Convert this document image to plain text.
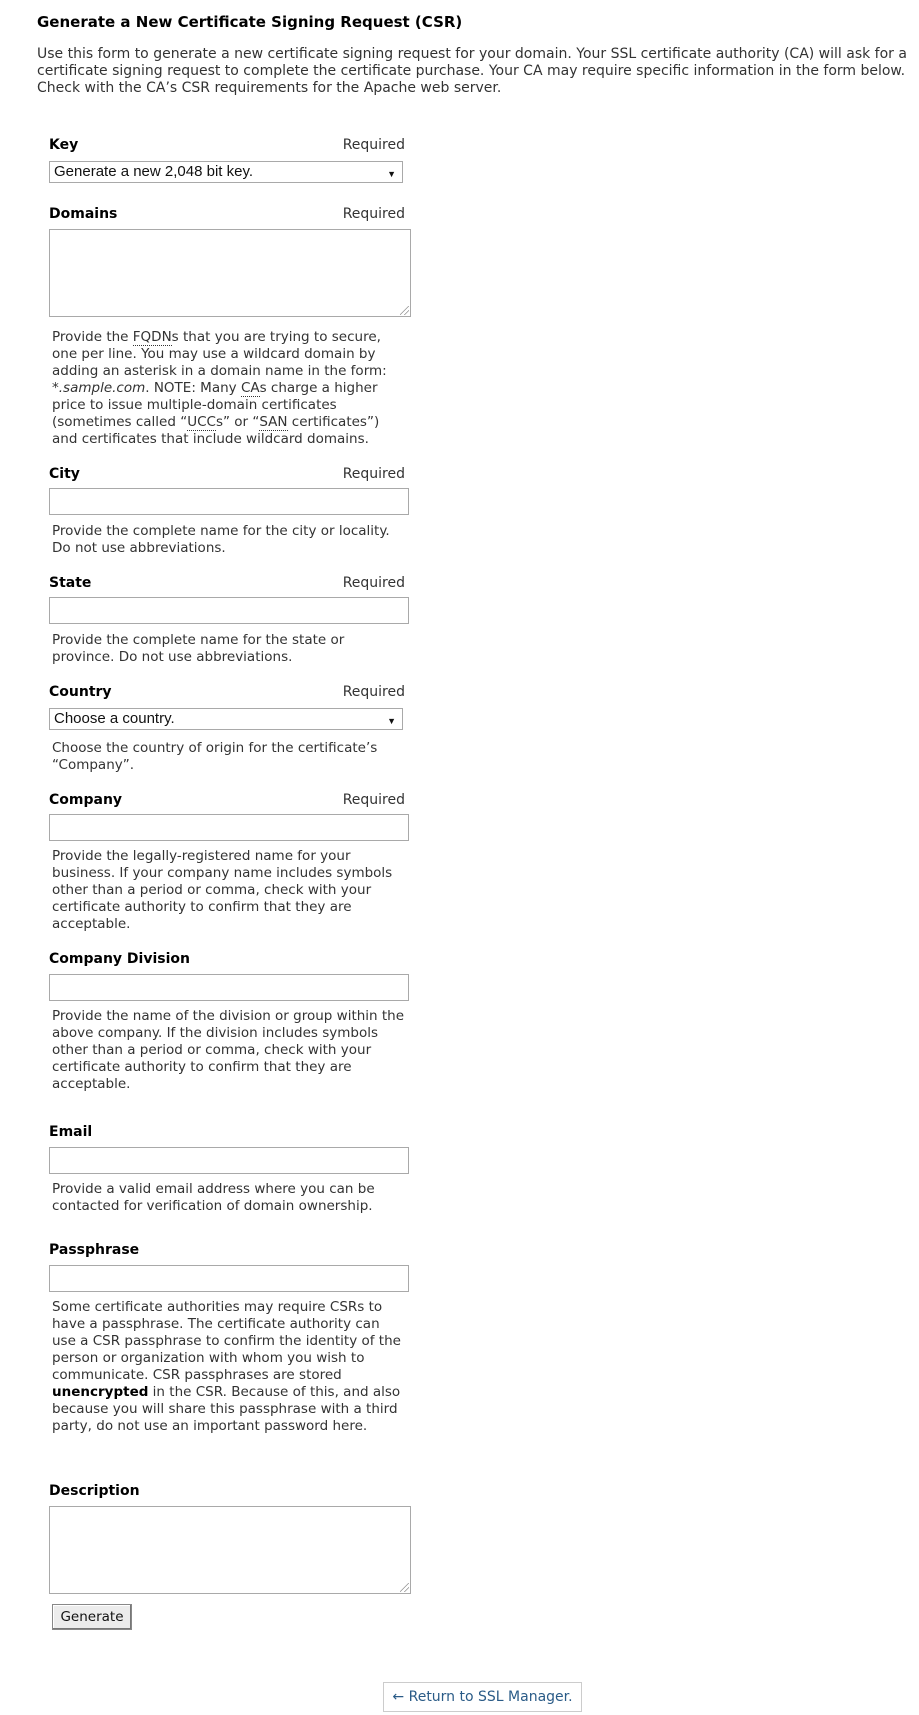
Generate a New Certificate Signing Request (CSR)

Use this form to generate a new certificate signing request for your domain. Your SSL certificate authority (CA) will ask for a certificate signing request to complete the certificate purchase. Your CA may require specific information in the form below. Check with the CA’s CSR requirements for the Apache web server.

Key	Required
Generate a new 2,048 bit key.	▼
Domains	Required

Provide the FQDNs that you are trying to secure, one per line. You may use a wildcard domain by adding an asterisk in a domain name in the form: *.sample.com. NOTE: Many CAs charge a higher price to issue multiple-domain certificates (sometimes called “UCCs” or “SAN certificates”) and certificates that include wildcard domains.

City	Required

Provide the complete name for the city or locality. Do not use abbreviations.

State	Required

Provide the complete name for the state or province. Do not use abbreviations.

Country	Required
Choose a country.	▼

Choose the country of origin for the certificate’s “Company”.

Company	Required

Provide the legally-registered name for your business. If your company name includes symbols other than a period or comma, check with your certificate authority to confirm that they are acceptable.

Company Division

Provide the name of the division or group within the above company. If the division includes symbols other than a period or comma, check with your certificate authority to confirm that they are acceptable.

Email

Provide a valid email address where you can be contacted for verification of domain ownership.

Passphrase

Some certificate authorities may require CSRs to have a passphrase. The certificate authority can use a CSR passphrase to confirm the identity of the person or organization with whom you wish to communicate. CSR passphrases are stored unencrypted in the CSR. Because of this, and also because you will share this passphrase with a third party, do not use an important password here.

Description
Generate
← Return to SSL Manager.
